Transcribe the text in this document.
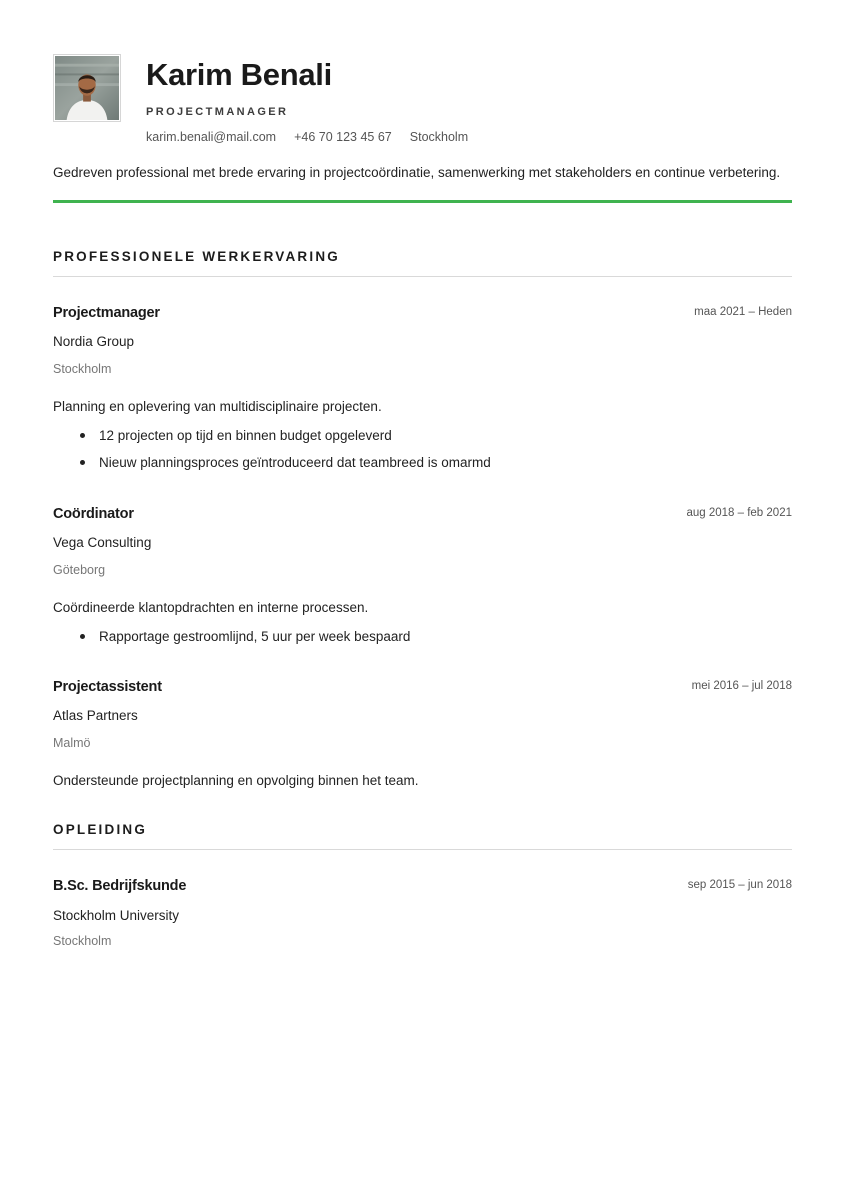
Karim Benali
PROJECTMANAGER
karim.benali@mail.com +46 70 123 45 67 Stockholm
Gedreven professional met brede ervaring in projectcoördinatie, samenwerking met stakeholders en continue verbetering.
PROFESSIONELE WERKERVARING
Projectmanager	maa 2021 – Heden
Nordia Group
Stockholm
Planning en oplevering van multidisciplinaire projecten.
12 projecten op tijd en binnen budget opgeleverd
Nieuw planningsproces geïntroduceerd dat teambreed is omarmd
Coördinator	aug 2018 – feb 2021
Vega Consulting
Göteborg
Coördineerde klantopdrachten en interne processen.
Rapportage gestroomlijnd, 5 uur per week bespaard
Projectassistent	mei 2016 – jul 2018
Atlas Partners
Malmö
Ondersteunde projectplanning en opvolging binnen het team.
OPLEIDING
B.Sc. Bedrijfskunde	sep 2015 – jun 2018
Stockholm University
Stockholm
